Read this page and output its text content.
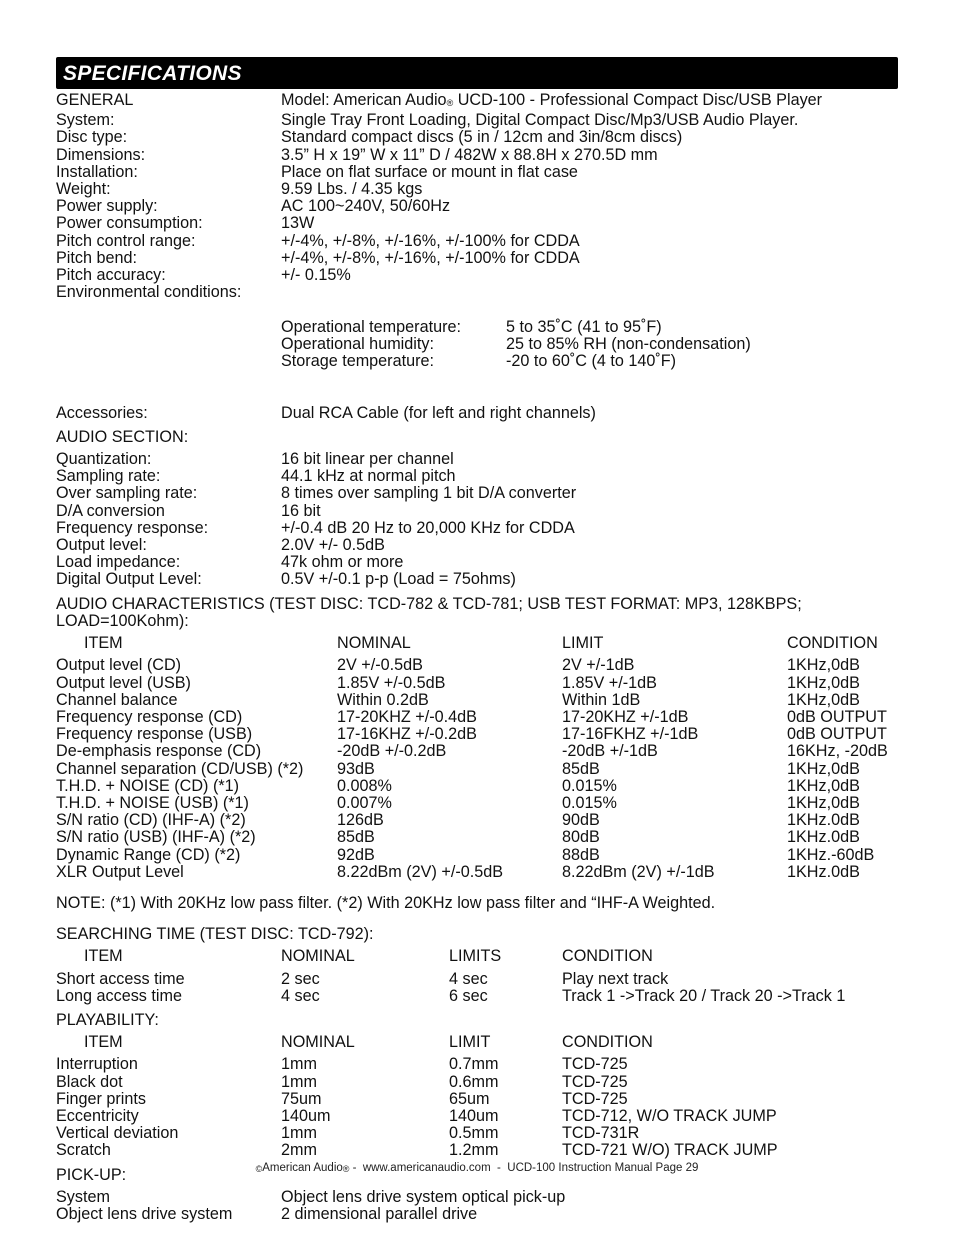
SPECIFICATIONS
GENERAL	Model: American Audio® UCD-100 - Professional Compact Disc/USB Player
System:	Single Tray Front Loading, Digital Compact Disc/Mp3/USB Audio Player.
Disc type:	Standard compact discs (5 in / 12cm and 3in/8cm discs)
Dimensions:	3.5” H x 19” W x 11” D / 482W x 88.8H x 270.5D mm
Installation:	Place on flat surface or mount in flat case
Weight:	9.59 Lbs. / 4.35 kgs
Power supply:	AC 100~240V, 50/60Hz
Power consumption:	13W
Pitch control range:	+/-4%, +/-8%, +/-16%, +/-100% for CDDA
Pitch bend:	+/-4%, +/-8%, +/-16%, +/-100% for CDDA
Pitch accuracy:	+/- 0.15%
Environmental conditions:

Operational temperature:	5 to 35˚C (41 to 95˚F)
Operational humidity:	25 to 85% RH (non-condensation)
Storage temperature:	-20 to 60˚C (4 to 140˚F)

Accessories:	Dual RCA Cable (for left and right channels)
AUDIO SECTION:
Quantization:	16 bit linear per channel
Sampling rate:	44.1 kHz at normal pitch
Over sampling rate:	8 times over sampling 1 bit D/A converter
D/A conversion	16 bit
Frequency response:	+/-0.4 dB 20 Hz to 20,000 KHz for CDDA
Output level:	2.0V +/- 0.5dB
Load impedance:	47k ohm or more
Digital Output Level:	0.5V +/-0.1 p-p (Load = 75ohms)
AUDIO CHARACTERISTICS (TEST DISC: TCD-782 & TCD-781; USB TEST FORMAT: MP3, 128KBPS;
LOAD=100Kohm):
ITEM	NOMINAL	LIMIT	CONDITION
Output level (CD)	2V +/-0.5dB	2V +/-1dB	1KHz,0dB
Output level (USB)	1.85V +/-0.5dB	1.85V +/-1dB	1KHz,0dB
Channel balance	Within 0.2dB	Within 1dB	1KHz,0dB
Frequency response (CD)	17-20KHZ +/-0.4dB	17-20KHZ +/-1dB	0dB OUTPUT
Frequency response (USB)	17-16KHZ +/-0.2dB	17-16FKHZ +/-1dB	0dB OUTPUT
De-emphasis response (CD)	-20dB +/-0.2dB	-20dB +/-1dB	16KHz, -20dB
Channel separation (CD/USB) (*2)	93dB	85dB	1KHz,0dB
T.H.D. + NOISE (CD) (*1)	0.008%	0.015%	1KHz,0dB
T.H.D. + NOISE (USB) (*1)	0.007%	0.015%	1KHz,0dB
S/N ratio (CD) (IHF-A) (*2)	126dB	90dB	1KHz.0dB
S/N ratio (USB) (IHF-A) (*2)	85dB	80dB	1KHz.0dB
Dynamic Range (CD) (*2)	92dB	88dB	1KHz.-60dB
XLR Output Level	8.22dBm (2V) +/-0.5dB	8.22dBm (2V) +/-1dB	1KHz.0dB
NOTE: (*1) With 20KHz low pass filter. (*2) With 20KHz low pass filter and “IHF-A Weighted.
SEARCHING TIME (TEST DISC: TCD-792):
ITEM	NOMINAL	LIMITS	CONDITION
Short access time	2 sec	4 sec	Play next track
Long access time	4 sec	6 sec	Track 1 ->Track 20 / Track 20 ->Track 1
PLAYABILITY:
ITEM	NOMINAL	LIMIT	CONDITION
Interruption	1mm	0.7mm	TCD-725
Black dot	1mm	0.6mm	TCD-725
Finger prints	75um	65um	TCD-725
Eccentricity	140um	140um	TCD-712, W/O TRACK JUMP
Vertical deviation	1mm	0.5mm	TCD-731R
Scratch	2mm	1.2mm	TCD-721 W/O) TRACK JUMP
PICK-UP:
System	Object lens drive system optical pick-up
Object lens drive system	2 dimensional parallel drive
©American Audio® -  www.americanaudio.com  -  UCD-100 Instruction Manual Page 29
